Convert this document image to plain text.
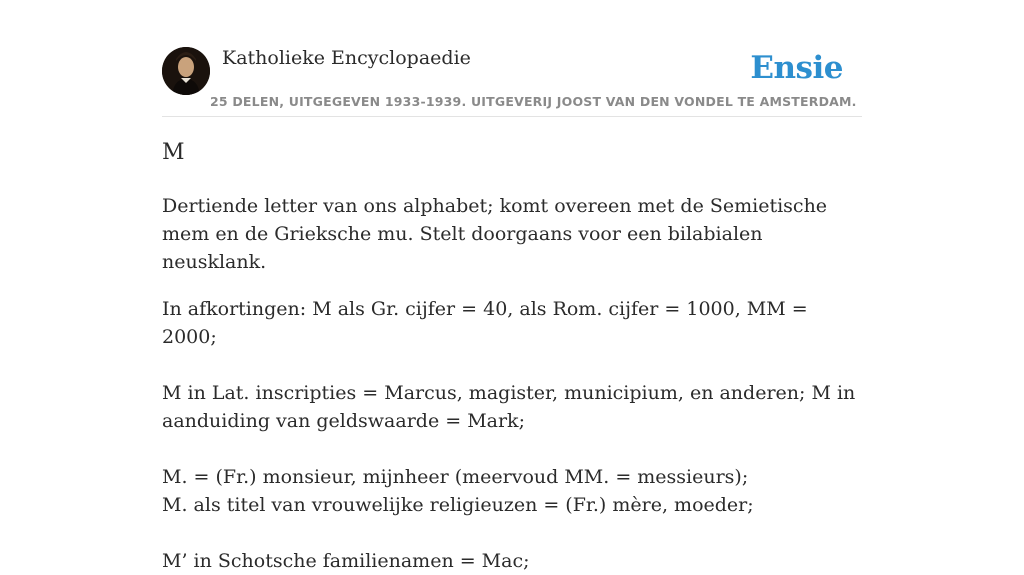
Katholieke Encyclopaedie
25 DELEN, UITGEGEVEN 1933-1939. UITGEVERIJ JOOST VAN DEN VONDEL TE AMSTERDAM.
Ensie
M

Dertiende letter van ons alphabet; komt overeen met de Semietische mem en de Grieksche mu. Stelt doorgaans voor een bilabialen neusklank.

In afkortingen: M als Gr. cijfer = 40, als Rom. cijfer = 1000, MM = 2000;
M in Lat. inscripties = Marcus, magister, municipium, en anderen; M in aanduiding van geldswaarde = Mark;
M. = (Fr.) monsieur, mijnheer (meervoud MM. = messieurs);
M. als titel van vrouwelijke religieuzen = (Fr.) mère, moeder;
M’ in Schotsche familienamen = Mac;
